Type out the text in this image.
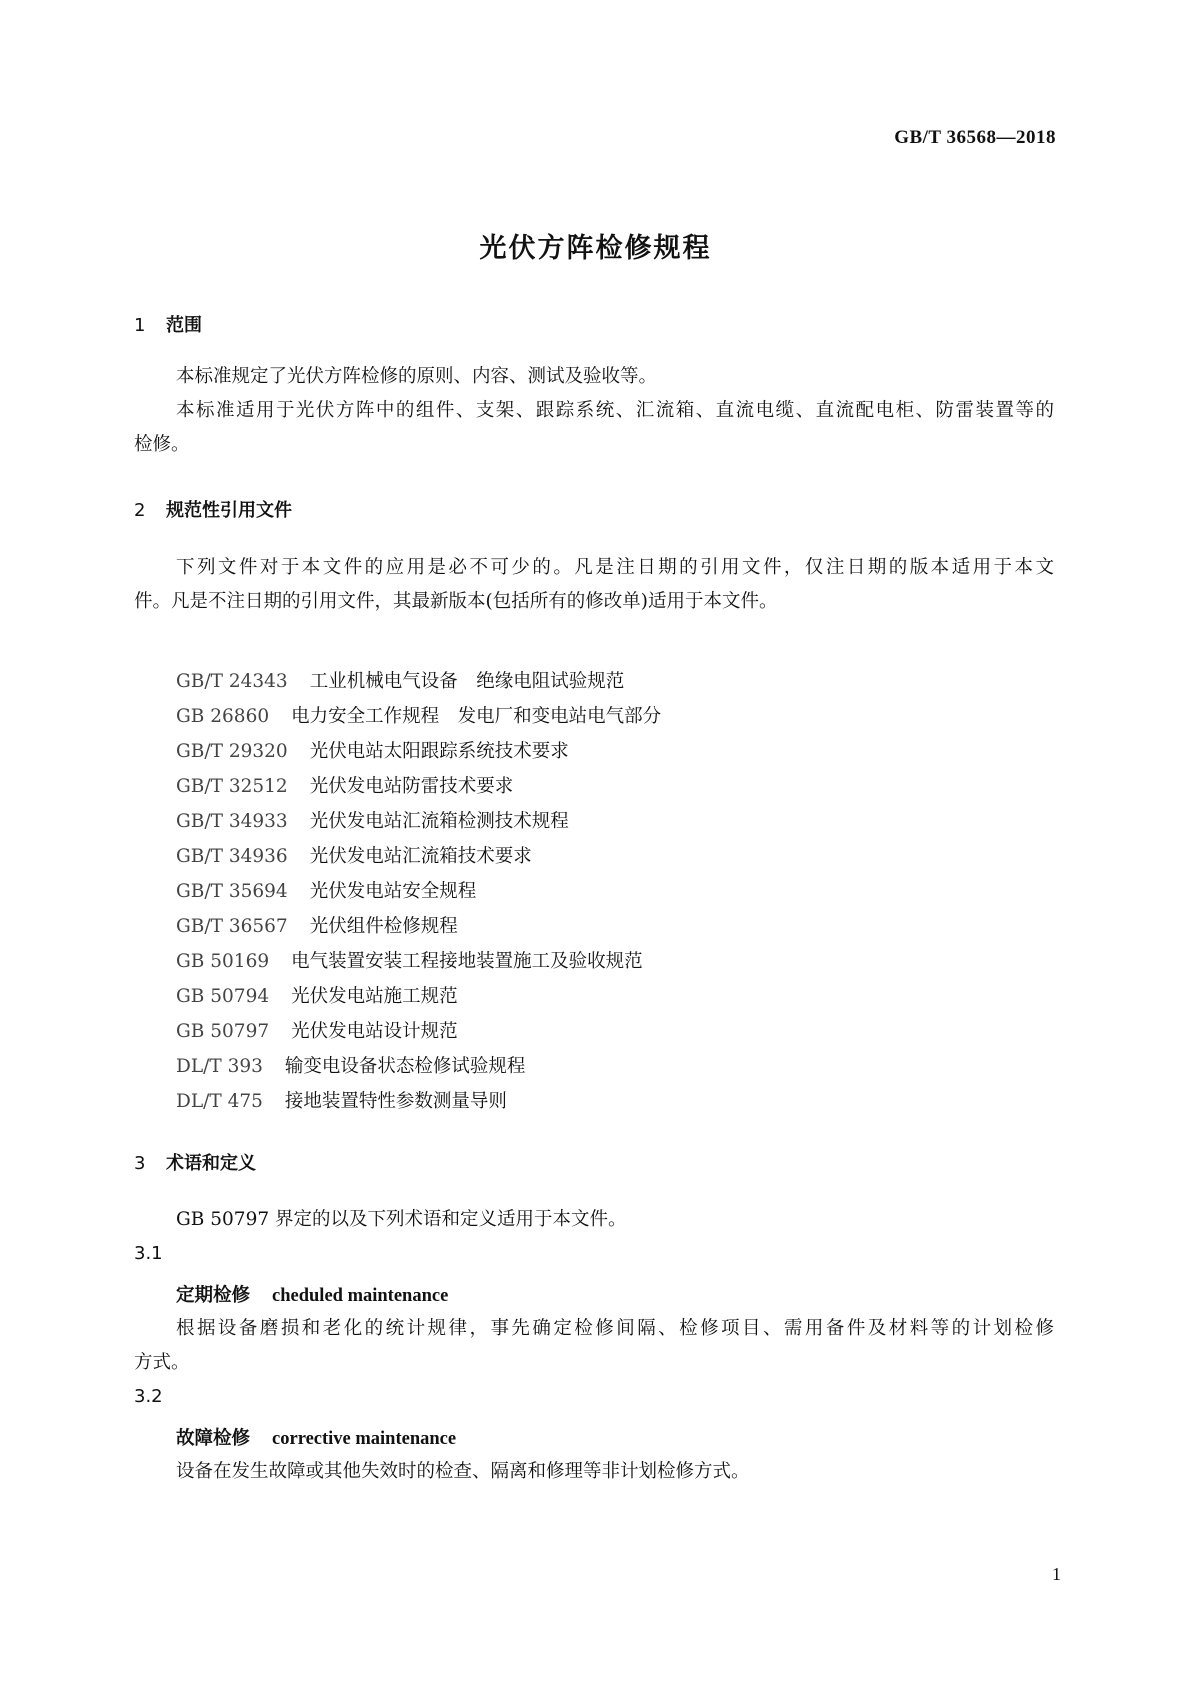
GB/T 36568—2018
光伏方阵检修规程
1 范围
本标准规定了光伏方阵检修的原则、内容、测试及验收等。
本标准适用于光伏方阵中的组件、支架、跟踪系统、汇流箱、直流电缆、直流配电柜、防雷装置等的
检修。
2 规范性引用文件
下列文件对于本文件的应用是必不可少的。凡是注日期的引用文件，仅注日期的版本适用于本文
件。凡是不注日期的引用文件，其最新版本(包括所有的修改单)适用于本文件。
GB/T 24343 工业机械电气设备　绝缘电阻试验规范
GB 26860 电力安全工作规程　发电厂和变电站电气部分
GB/T 29320 光伏电站太阳跟踪系统技术要求
GB/T 32512 光伏发电站防雷技术要求
GB/T 34933 光伏发电站汇流箱检测技术规程
GB/T 34936 光伏发电站汇流箱技术要求
GB/T 35694 光伏发电站安全规程
GB/T 36567 光伏组件检修规程
GB 50169 电气装置安装工程接地装置施工及验收规范
GB 50794 光伏发电站施工规范
GB 50797 光伏发电站设计规范
DL/T 393 输变电设备状态检修试验规程
DL/T 475 接地装置特性参数测量导则
3 术语和定义
GB 50797 界定的以及下列术语和定义适用于本文件。
3.1
定期检修 cheduled maintenance
根据设备磨损和老化的统计规律，事先确定检修间隔、检修项目、需用备件及材料等的计划检修
方式。
3.2
故障检修 corrective maintenance
设备在发生故障或其他失效时的检查、隔离和修理等非计划检修方式。
1
